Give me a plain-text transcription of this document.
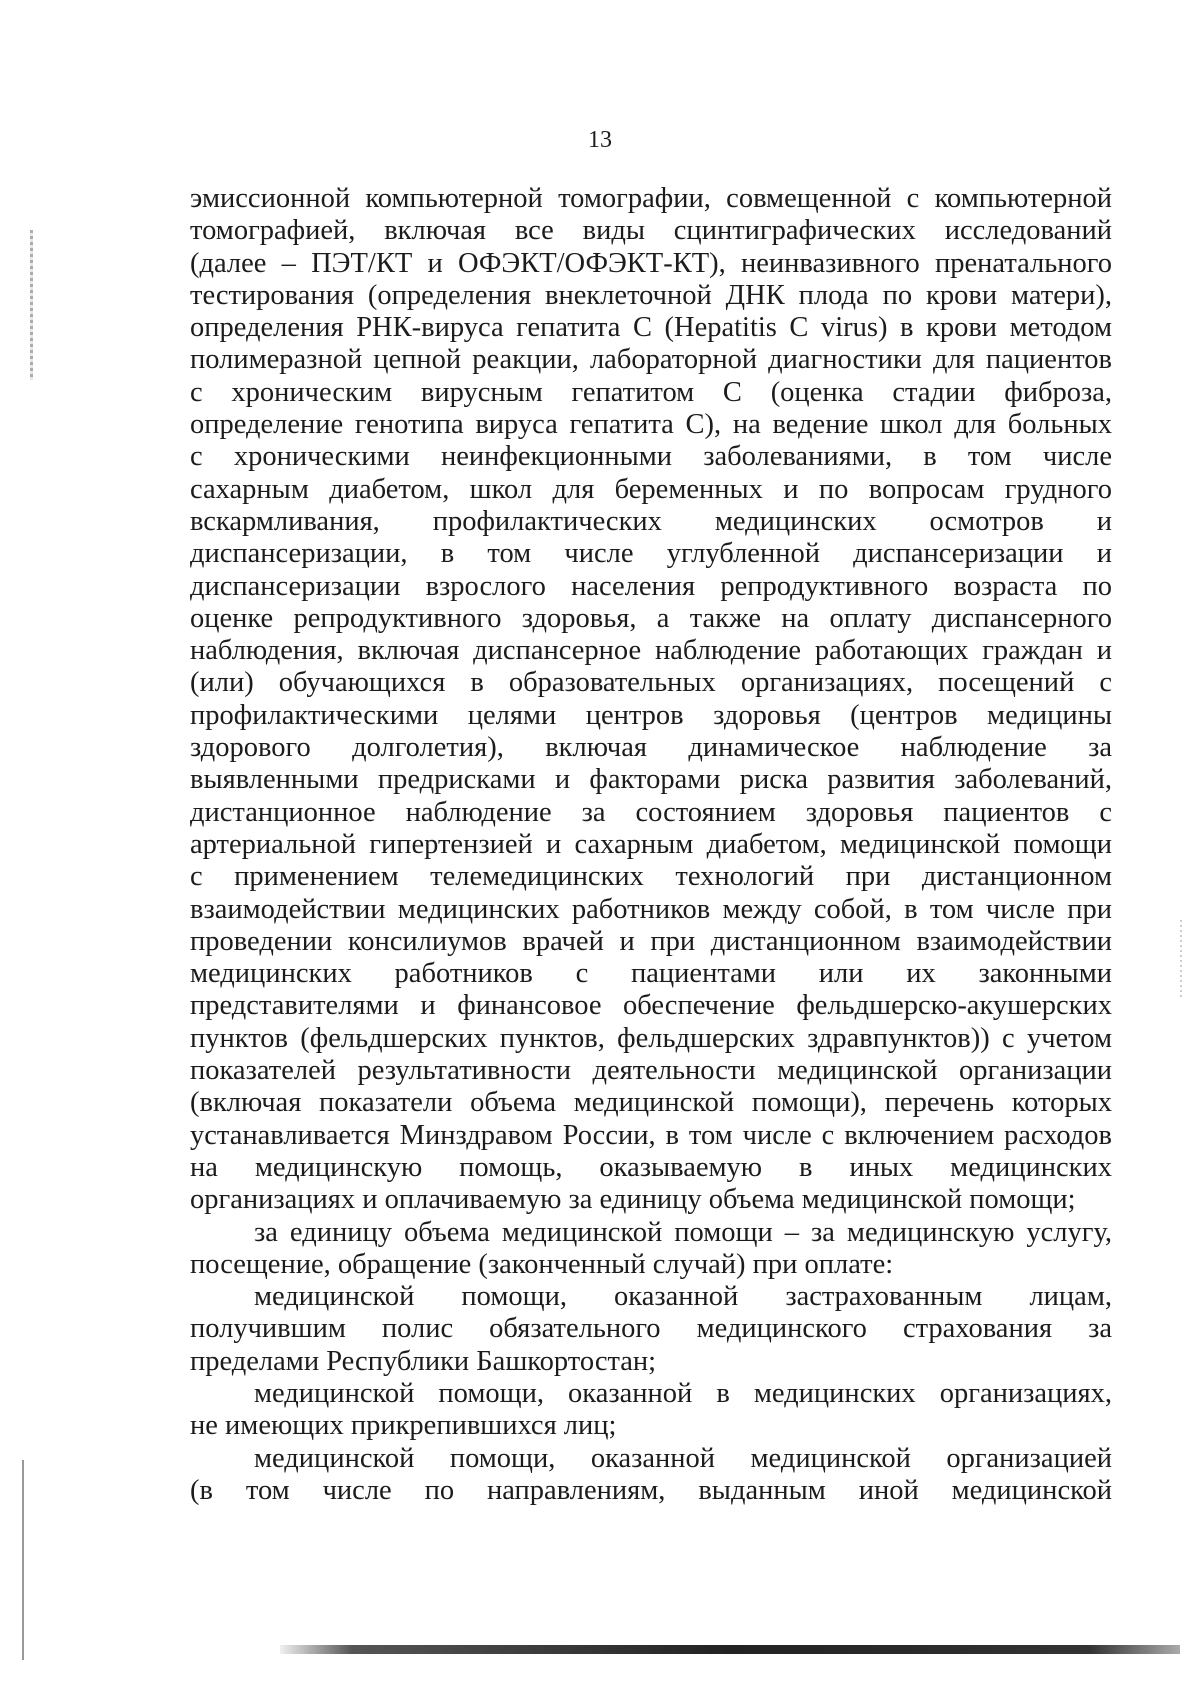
13
эмиссионной компьютерной томографии, совмещенной с компьютерной
томографией, включая все виды сцинтиграфических исследований
(далее – ПЭТ/КТ и ОФЭКТ/ОФЭКТ-КТ), неинвазивного пренатального
тестирования (определения внеклеточной ДНК плода по крови матери),
определения РНК-вируса гепатита С (Hepatitis C virus) в крови методом
полимеразной цепной реакции, лабораторной диагностики для пациентов
с хроническим вирусным гепатитом С (оценка стадии фиброза,
определение генотипа вируса гепатита С), на ведение школ для больных
с хроническими неинфекционными заболеваниями, в том числе
сахарным диабетом, школ для беременных и по вопросам грудного
вскармливания, профилактических медицинских осмотров и
диспансеризации, в том числе углубленной диспансеризации и
диспансеризации взрослого населения репродуктивного возраста по
оценке репродуктивного здоровья, а также на оплату диспансерного
наблюдения, включая диспансерное наблюдение работающих граждан и
(или) обучающихся в образовательных организациях, посещений с
профилактическими целями центров здоровья (центров медицины
здорового долголетия), включая динамическое наблюдение за
выявленными предрисками и факторами риска развития заболеваний,
дистанционное наблюдение за состоянием здоровья пациентов с
артериальной гипертензией и сахарным диабетом, медицинской помощи
с применением телемедицинских технологий при дистанционном
взаимодействии медицинских работников между собой, в том числе при
проведении консилиумов врачей и при дистанционном взаимодействии
медицинских работников с пациентами или их законными
представителями и финансовое обеспечение фельдшерско-акушерских
пунктов (фельдшерских пунктов, фельдшерских здравпунктов)) с учетом
показателей результативности деятельности медицинской организации
(включая показатели объема медицинской помощи), перечень которых
устанавливается Минздравом России, в том числе с включением расходов
на медицинскую помощь, оказываемую в иных медицинских
организациях и оплачиваемую за единицу объема медицинской помощи;
за единицу объема медицинской помощи – за медицинскую услугу,
посещение, обращение (законченный случай) при оплате:
медицинской помощи, оказанной застрахованным лицам,
получившим полис обязательного медицинского страхования за
пределами Республики Башкортостан;
медицинской помощи, оказанной в медицинских организациях,
не имеющих прикрепившихся лиц;
медицинской помощи, оказанной медицинской организацией
(в том числе по направлениям, выданным иной медицинской
